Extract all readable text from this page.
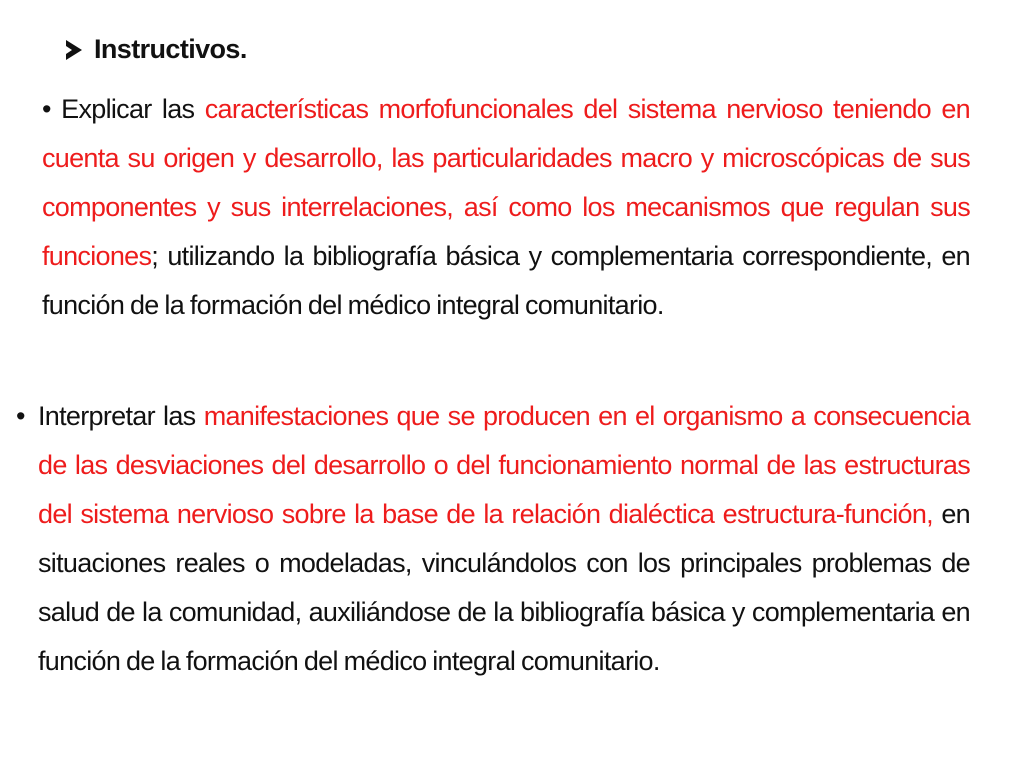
Instructivos.
• Explicar las características morfofuncionales del sistema nervioso teniendo en cuenta su origen y desarrollo, las particularidades macro y microscópicas de sus componentes y sus interrelaciones, así como los mecanismos que regulan sus funciones; utilizando la bibliografía básica y complementaria correspondiente, en función de la formación del médico integral comunitario.
• Interpretar las manifestaciones que se producen en el organismo a consecuencia de las desviaciones del desarrollo o del funcionamiento normal de las estructuras del sistema nervioso sobre la base de la relación dialéctica estructura-función, en situaciones reales o modeladas, vinculándolos con los principales problemas de salud de la comunidad, auxiliándose de la bibliografía básica y complementaria en función de la formación del médico integral comunitario.
